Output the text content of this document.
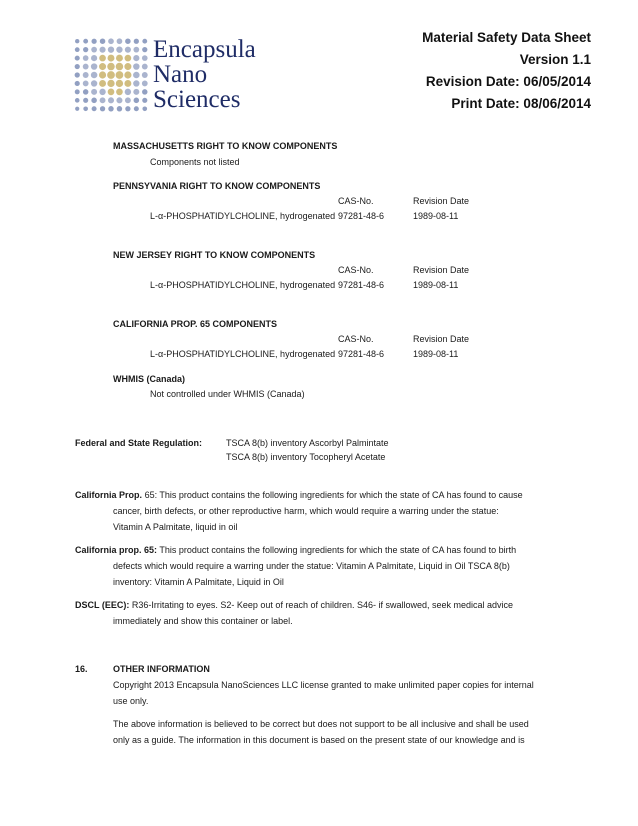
Encapsula
Nano
Sciences
Material Safety Data Sheet
Version 1.1
Revision Date: 06/05/2014
Print Date: 08/06/2014
MASSACHUSETTS RIGHT TO KNOW COMPONENTS
Components not listed
PENNSYVANIA RIGHT TO KNOW COMPONENTS
CAS-No.	Revision Date
L-α-PHOSPHATIDYLCHOLINE, hydrogenated 97281-48-6	1989-08-11
NEW JERSEY RIGHT TO KNOW COMPONENTS
CAS-No.	Revision Date
L-α-PHOSPHATIDYLCHOLINE, hydrogenated 97281-48-6	1989-08-11
CALIFORNIA PROP. 65 COMPONENTS
CAS-No.	Revision Date
L-α-PHOSPHATIDYLCHOLINE, hydrogenated 97281-48-6	1989-08-11
WHMIS (Canada)
Not controlled under WHMIS (Canada)
Federal and State Regulation:	TSCA 8(b) inventory Ascorbyl Palmintate
TSCA 8(b) inventory Tocopheryl Acetate
California Prop. 65: This product contains the following ingredients for which the state of CA has found to cause
cancer, birth defects, or other reproductive harm, which would require a warring under the statue:
Vitamin A Palmitate, liquid in oil
California prop. 65: This product contains the following ingredients for which the state of CA has found to birth
defects which would require a warring under the statue: Vitamin A Palmitate, Liquid in Oil TSCA 8(b)
inventory: Vitamin A Palmitate, Liquid in Oil
DSCL (EEC): R36-Irritating to eyes. S2- Keep out of reach of children. S46- if swallowed, seek medical advice
immediately and show this container or label.
16.	OTHER INFORMATION
Copyright 2013 Encapsula NanoSciences LLC license granted to make unlimited paper copies for internal
use only.
The above information is believed to be correct but does not support to be all inclusive and shall be used
only as a guide. The information in this document is based on the present state of our knowledge and is
